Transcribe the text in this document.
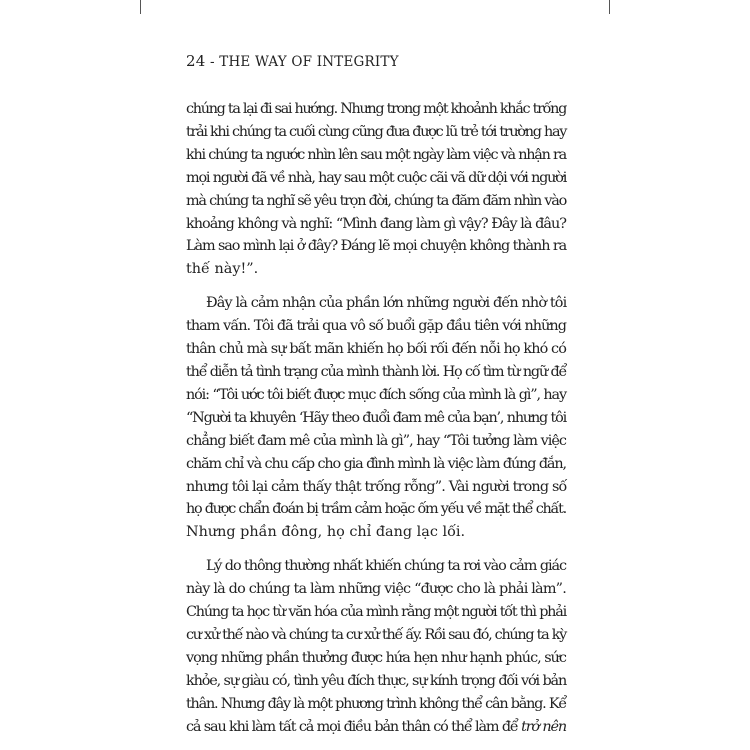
24 - THE WAY OF INTEGRITY
chúng ta lại đi sai hướng. Nhưng trong một khoảnh khắc trống
trải khi chúng ta cuối cùng cũng đưa được lũ trẻ tới trường hay
khi chúng ta ngước nhìn lên sau một ngày làm việc và nhận ra
mọi người đã về nhà, hay sau một cuộc cãi vã dữ dội với người
mà chúng ta nghĩ sẽ yêu trọn đời, chúng ta đăm đăm nhìn vào
khoảng không và nghĩ: “Mình đang làm gì vậy? Đây là đâu?
Làm sao mình lại ở đây? Đáng lẽ mọi chuyện không thành ra
thế này!”.
Đây là cảm nhận của phần lớn những người đến nhờ tôi
tham vấn. Tôi đã trải qua vô số buổi gặp đầu tiên với những
thân chủ mà sự bất mãn khiến họ bối rối đến nỗi họ khó có
thể diễn tả tình trạng của mình thành lời. Họ cố tìm từ ngữ để
nói: “Tôi ước tôi biết được mục đích sống của mình là gì”, hay
“Người ta khuyên ‘Hãy theo đuổi đam mê của bạn’, nhưng tôi
chẳng biết đam mê của mình là gì”, hay “Tôi tưởng làm việc
chăm chỉ và chu cấp cho gia đình mình là việc làm đúng đắn,
nhưng tôi lại cảm thấy thật trống rỗng”. Vài người trong số
họ được chẩn đoán bị trầm cảm hoặc ốm yếu về mặt thể chất.
Nhưng phần đông, họ chỉ đang lạc lối.
Lý do thông thường nhất khiến chúng ta rơi vào cảm giác
này là do chúng ta làm những việc “được cho là phải làm”.
Chúng ta học từ văn hóa của mình rằng một người tốt thì phải
cư xử thế nào và chúng ta cư xử thế ấy. Rồi sau đó, chúng ta kỳ
vọng những phần thưởng được hứa hẹn như hạnh phúc, sức
khỏe, sự giàu có, tình yêu đích thực, sự kính trọng đối với bản
thân. Nhưng đây là một phương trình không thể cân bằng. Kể
cả sau khi làm tất cả mọi điều bản thân có thể làm để trở nên
